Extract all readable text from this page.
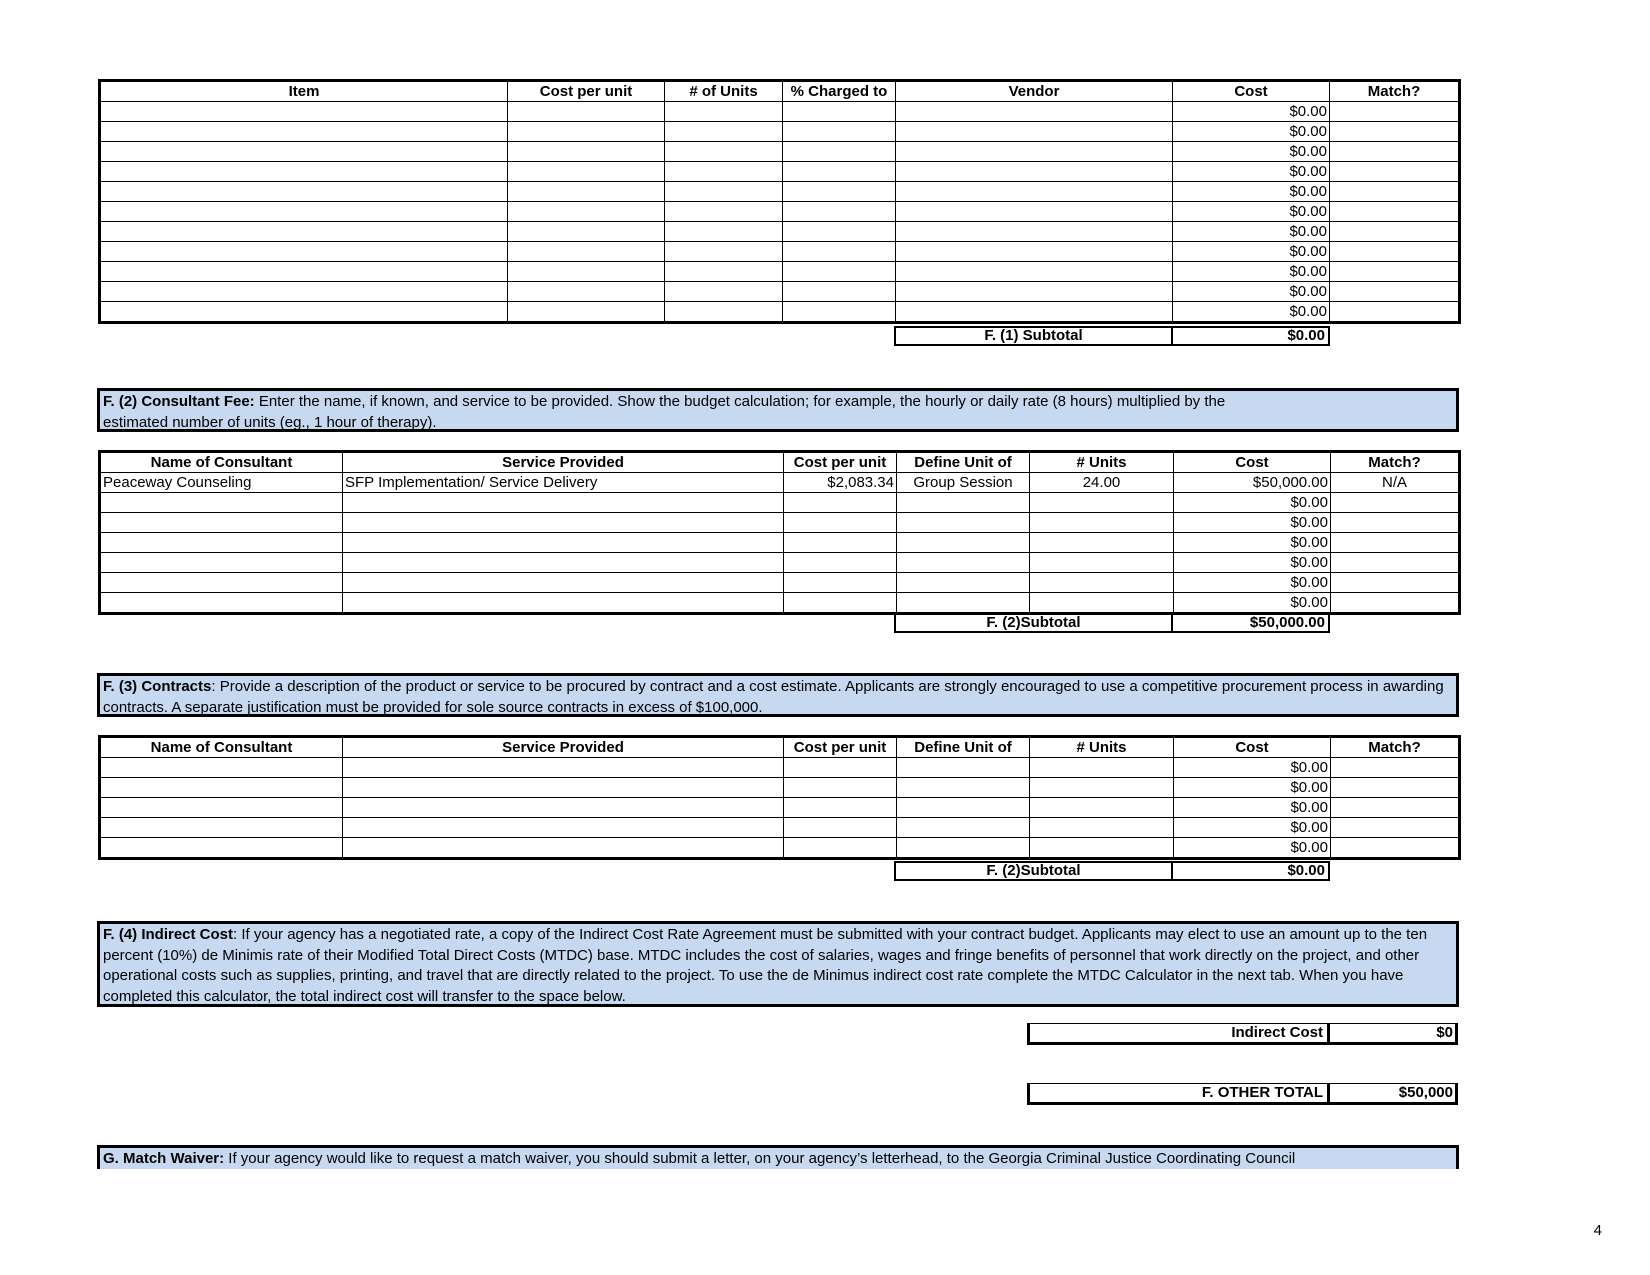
Item	Cost per unit	# of Units	% Charged to	Vendor	Cost	Match?
					$0.00	
					$0.00	
					$0.00	
					$0.00	
					$0.00	
					$0.00	
					$0.00	
					$0.00	
					$0.00	
					$0.00	
					$0.00	
F. (1) Subtotal	$0.00
F. (2) Consultant Fee: Enter the name, if known, and service to be provided. Show the budget calculation; for example, the hourly or daily rate (8 hours) multiplied by the
estimated number of units (eg., 1 hour of therapy).
Name of Consultant	Service Provided	Cost per unit	Define Unit of	# Units	Cost	Match?
Peaceway Counseling	SFP Implementation/ Service Delivery	$2,083.34	Group Session	24.00	$50,000.00	N/A
					$0.00	
					$0.00	
					$0.00	
					$0.00	
					$0.00	
					$0.00	
F. (2)Subtotal	$50,000.00
F. (3) Contracts: Provide a description of the product or service to be procured by contract and a cost estimate. Applicants are strongly encouraged to use a competitive procurement process in awarding contracts. A separate justification must be provided for sole source contracts in excess of $100,000.
Name of Consultant	Service Provided	Cost per unit	Define Unit of	# Units	Cost	Match?
					$0.00	
					$0.00	
					$0.00	
					$0.00	
					$0.00	
F. (2)Subtotal	$0.00
F. (4) Indirect Cost: If your agency has a negotiated rate, a copy of the Indirect Cost Rate Agreement must be submitted with your contract budget. Applicants may elect to use an amount up to the ten percent (10%) de Minimis rate of their Modified Total Direct Costs (MTDC) base. MTDC includes the cost of salaries, wages and fringe benefits of personnel that work directly on the project, and other operational costs such as supplies, printing, and travel that are directly related to the project. To use the de Minimus indirect cost rate complete the MTDC Calculator in the next tab. When you have completed this calculator, the total indirect cost will transfer to the space below.
Indirect Cost	$0
F. OTHER TOTAL	$50,000
G. Match Waiver: If your agency would like to request a match waiver, you should submit a letter, on your agency’s letterhead, to the Georgia Criminal Justice Coordinating Council
4
